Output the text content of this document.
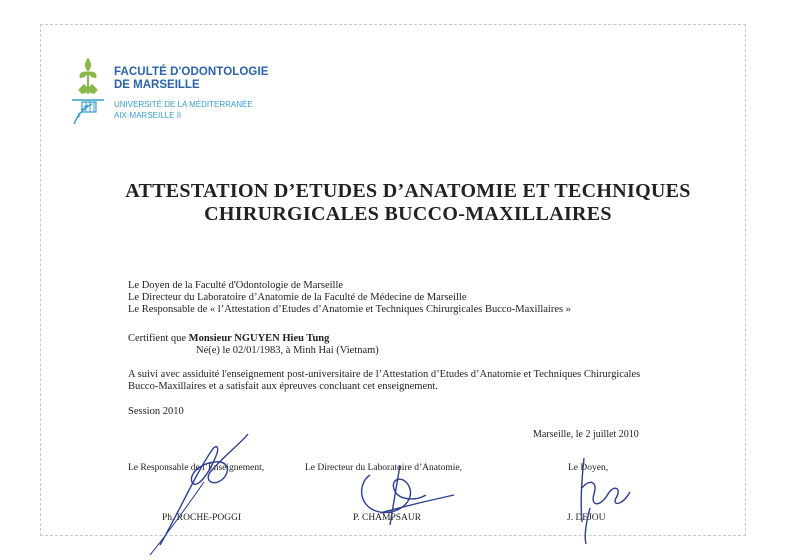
FACULTÉ D'ODONTOLOGIE
DE MARSEILLE
UNIVERSITÉ DE LA MÉDITERRANÉE
AIX-MARSEILLE II
ATTESTATION D’ETUDES D’ANATOMIE ET TECHNIQUES
CHIRURGICALES BUCCO-MAXILLAIRES
Le Doyen de la Faculté d'Odontologie de Marseille
Le Directeur du Laboratoire d’Anatomie de la Faculté de Médecine de Marseille
Le Responsable de « l’Attestation d’Etudes d’Anatomie et Techniques Chirurgicales Bucco-Maxillaires »
Certifient que Monsieur NGUYEN Hieu Tung
Né(e) le 02/01/1983, à Minh Hai (Vietnam)
A suivi avec assiduité l'enseignement post-universitaire de l’Attestation d’Etudes d’Anatomie et Techniques Chirurgicales
Bucco-Maxillaires et a satisfait aux épreuves concluant cet enseignement.
Session 2010
Marseille, le 2 juillet 2010
Le Responsable de l’Enseignement,	Le Directeur du Laboratoire d’Anatomie,	Le Doyen,
Ph. ROCHE-POGGI	P. CHAMPSAUR	J. DEJOU
